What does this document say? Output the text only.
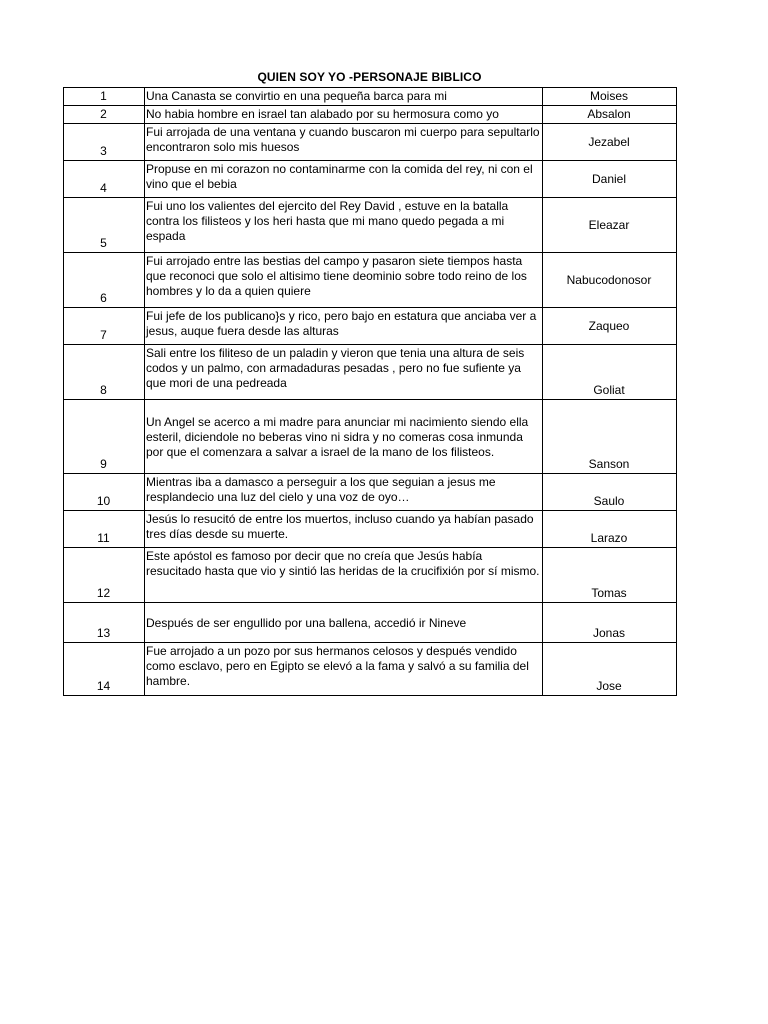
QUIEN SOY YO -PERSONAJE BIBLICO
1	Una Canasta se convirtio en una pequeña barca para mi	Moises
2	No habia hombre en israel tan alabado por su hermosura como yo	Absalon
3	Fui arrojada de una ventana y cuando buscaron mi cuerpo para sepultarlo encontraron solo mis huesos	Jezabel
4	Propuse en mi corazon no contaminarme con la comida del rey, ni con el vino que el bebia	Daniel
5	Fui uno los valientes del ejercito del Rey David , estuve en la batalla contra los filisteos y los heri hasta que mi mano quedo pegada a mi espada	Eleazar
6	Fui arrojado entre las bestias del campo y pasaron siete tiempos hasta que reconoci que solo el altisimo tiene deominio sobre todo reino de los hombres y lo da a quien quiere	Nabucodonosor
7	Fui jefe de los publicano}s y rico, pero bajo en estatura que anciaba ver a jesus, auque fuera desde las alturas	Zaqueo
8	Sali entre los filiteso de un paladin y vieron que tenia una altura de seis codos y un palmo, con armadaduras pesadas , pero no fue sufiente ya que mori de una pedreada	Goliat
9	Un Angel se acerco a mi madre para anunciar mi nacimiento siendo ella esteril, diciendole no beberas vino ni sidra y no comeras cosa inmunda por que el comenzara a salvar a israel de la mano de los filisteos.	Sanson
10	Mientras iba a damasco a perseguir a los que seguian a jesus me resplandecio una luz del cielo y una voz de oyo…	Saulo
11	Jesús lo resucitó de entre los muertos, incluso cuando ya habían pasado tres días desde su muerte.	Larazo
12	Este apóstol es famoso por decir que no creía que Jesús había resucitado hasta que vio y sintió las heridas de la crucifixión por sí mismo.	Tomas
13	Después de ser engullido por una ballena, accedió ir Nineve	Jonas
14	Fue arrojado a un pozo por sus hermanos celosos y después vendido como esclavo, pero en Egipto se elevó a la fama y salvó a su familia del hambre.	Jose
